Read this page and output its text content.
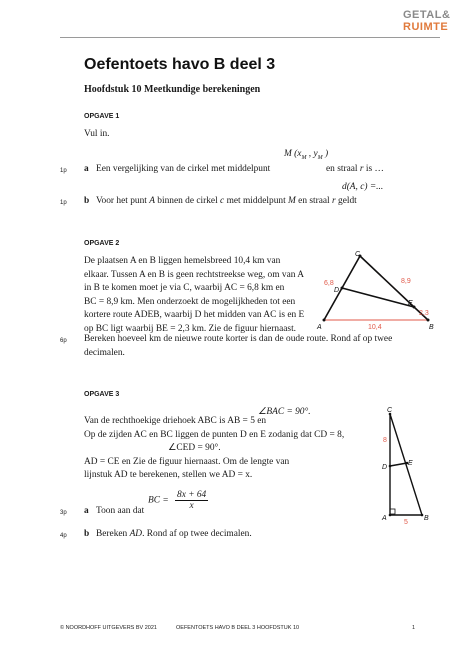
GETAL&
RUIMTE
Oefentoets havo B deel 3
Hoofdstuk 10 Meetkundige berekeningen
OPGAVE 1
Vul in.
M ($x_M$ , $y_M$ )
1p a Een vergelijking van de cirkel met middelpunt	en straal r is …
d(A, c) =...
1p b Voor het punt A binnen de cirkel c met middelpunt M en straal r geldt
OPGAVE 2
De plaatsen A en B liggen hemelsbreed 10,4 km van
elkaar. Tussen A en B is geen rechtstreekse weg, om van A
in B te komen moet je via C, waarbij AC = 6,8 km en
BC = 8,9 km. Men onderzoekt de mogelijkheden tot een
kortere route ADEB, waarbij D het midden van AC is en E
op BC ligt waarbij BE = 2,3 km. Zie de figuur hiernaast.	A	B
C
D
E
6,8	8,9
10,4
2,3
6p Bereken hoeveel km de nieuwe route korter is dan de oude route. Rond af op twee
decimalen.
OPGAVE 3
∠BAC = 90°.
Van de rechthoekige driehoek ABC is AB = 5 en
Op de zijden AC en BC liggen de punten D en E zodanig dat CD = 8,
∠CED = 90°.
AD = CE en Zie de figuur hiernaast. Om de lengte van
lijnstuk AD te berekenen, stellen we AD = x.
BC = $\frac{8x + 64}{x}$
A	B
C
D
E
8
5
3p a Toon aan dat
4p b Bereken AD. Rond af op twee decimalen.
© NOORDHOFF UITGEVERS BV 2021	OEFENTOETS HAVO B DEEL 3 HOOFDSTUK 10	1
